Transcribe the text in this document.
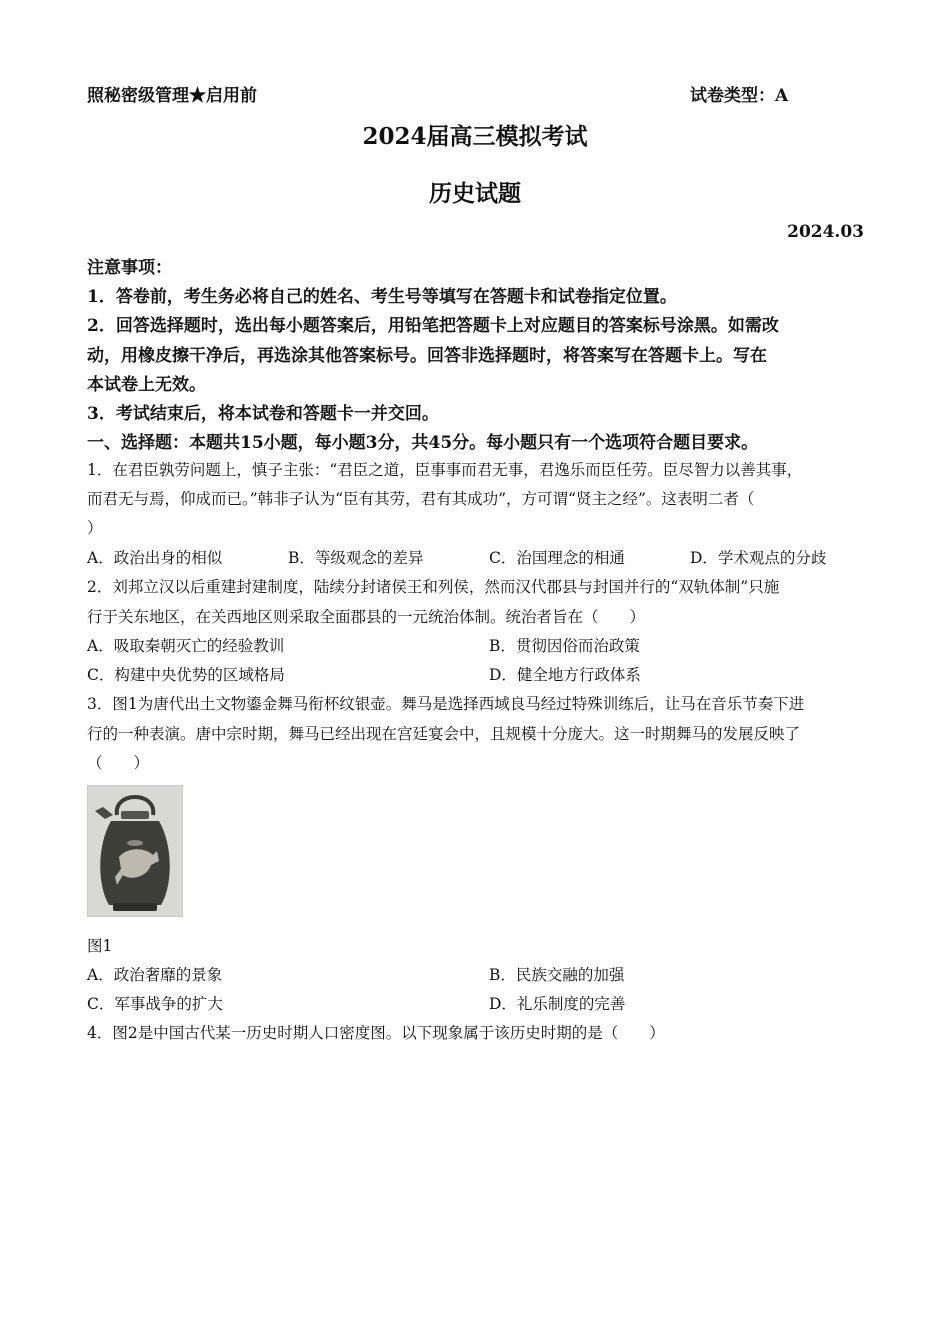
照秘密级管理★启用前	试卷类型：A
2024届高三模拟考试
历史试题
2024.03
注意事项：
1．答卷前，考生务必将自己的姓名、考生号等填写在答题卡和试卷指定位置。
2．回答选择题时，选出每小题答案后，用铅笔把答题卡上对应题目的答案标号涂黑。如需改
动，用橡皮擦干净后，再选涂其他答案标号。回答非选择题时，将答案写在答题卡上。写在
本试卷上无效。
3．考试结束后，将本试卷和答题卡一并交回。
一、选择题：本题共15小题，每小题3分，共45分。每小题只有一个选项符合题目要求。
1．在君臣孰劳问题上，慎子主张：“君臣之道，臣事事而君无事，君逸乐而臣任劳。臣尽智力以善其事，
而君无与焉，仰成而已。”韩非子认为“臣有其劳，君有其成功”，方可谓“贤主之经”。这表明二者（
）
A．政治出身的相似	B．等级观念的差异	C．治国理念的相通	D．学术观点的分歧
2．刘邦立汉以后重建封建制度，陆续分封诸侯王和列侯，然而汉代郡县与封国并行的“双轨体制”只施
行于关东地区，在关西地区则采取全面郡县的一元统治体制。统治者旨在（　　）
A．吸取秦朝灭亡的经验教训	B．贯彻因俗而治政策
C．构建中央优势的区域格局	D．健全地方行政体系
3．图1为唐代出土文物鎏金舞马衔杯纹银壶。舞马是选择西域良马经过特殊训练后，让马在音乐节奏下进
行的一种表演。唐中宗时期，舞马已经出现在宫廷宴会中，且规模十分庞大。这一时期舞马的发展反映了
（　　）
图1
A．政治奢靡的景象	B．民族交融的加强
C．军事战争的扩大	D．礼乐制度的完善
4．图2是中国古代某一历史时期人口密度图。以下现象属于该历史时期的是（　　）
